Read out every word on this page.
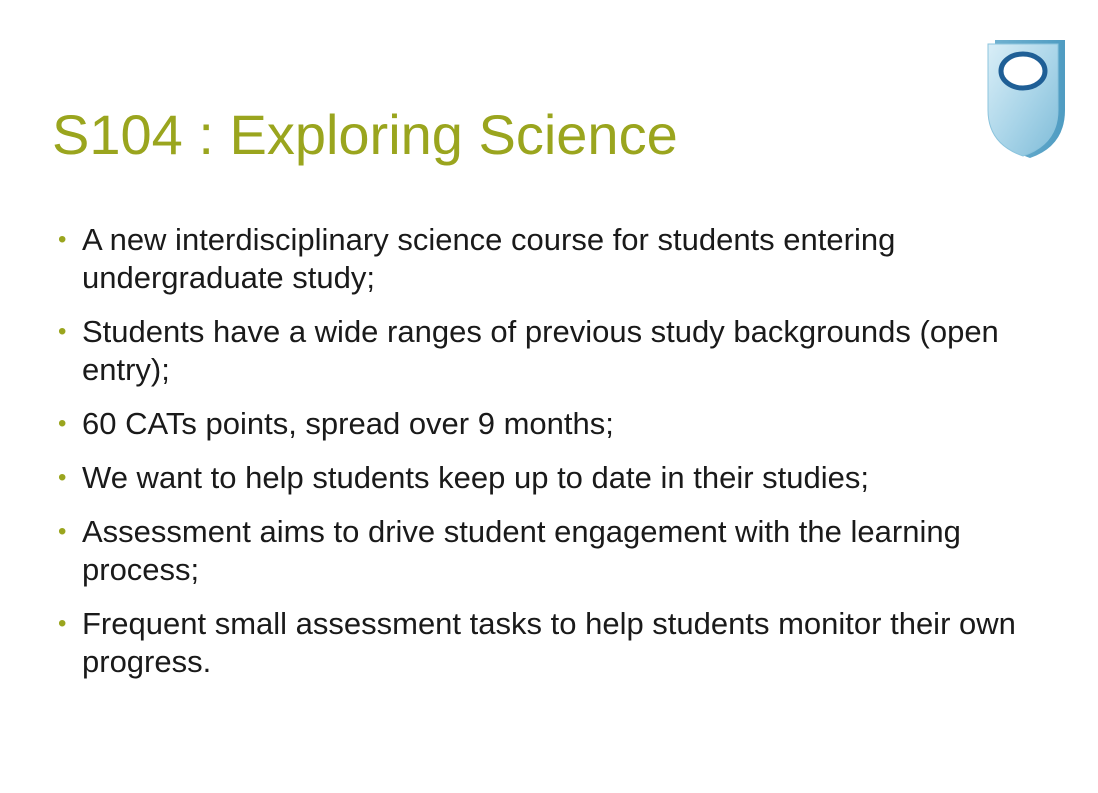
S104 : Exploring Science
• A new interdisciplinary science course for students entering undergraduate study;
• Students have a wide ranges of previous study backgrounds (open entry);
• 60 CATs points, spread over 9 months;
• We want to help students keep up to date in their studies;
• Assessment aims to drive student engagement with the learning process;
• Frequent small assessment tasks to help students monitor their own progress.
